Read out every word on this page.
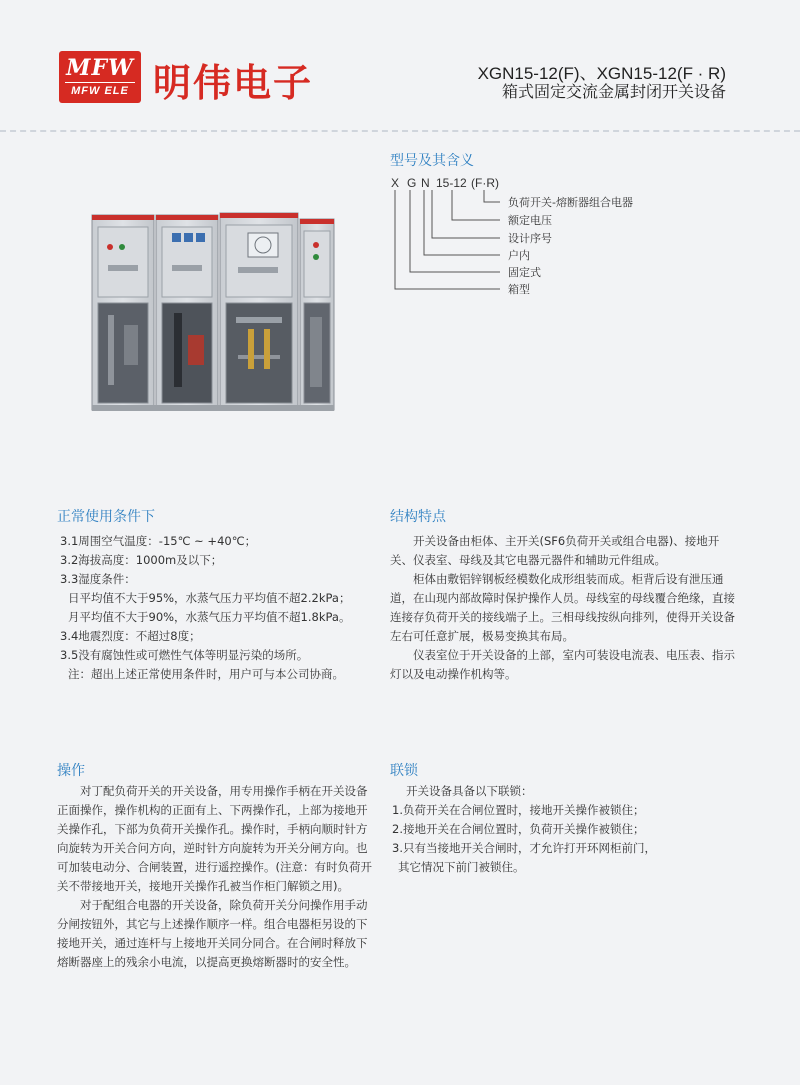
MFW
MFW ELE 明伟电子	XGN15-12(F)、XGN15-12(F · R)
箱式固定交流金属封闭开关设备
型号及其含义
X G N 15-12 (F·R)
负荷开关-熔断器组合电器
额定电压
设计序号
户内
固定式
箱型
正常使用条件下

3.1周围空气温度：-15℃ ~ +40℃；

3.2海拔高度：1000m及以下；

3.3湿度条件：

日平均值不大于95%，水蒸气压力平均值不超2.2kPa；

月平均值不大于90%，水蒸气压力平均值不超1.8kPa。

3.4地震烈度：不超过8度；

3.5没有腐蚀性或可燃性气体等明显污染的场所。

注：超出上述正常使用条件时，用户可与本公司协商。

结构特点

开关设备由柜体、主开关(SF6负荷开关或组合电器)、接地开关、仪表室、母线及其它电器元器件和辅助元件组成。

柜体由敷铝锌钢板经模数化成形组装而成。柜背后设有泄压通道，在山现内部故障时保护操作人员。母线室的母线覆合绝缘，直接连接存负荷开关的接线端子上。三相母线按纵向排列，使得开关设备左右可任意扩展，极易变换其布局。

仪表室位于开关设备的上部，室内可装设电流表、电压表、指示灯以及电动操作机构等。

操作

对丁配负荷开关的开关设备，用专用操作手柄在开关设备正面操作，操作机构的正面有上、下两操作孔，上部为接地开关操作孔，下部为负荷开关操作孔。操作时，手柄向顺时针方向旋转为开关合问方向，逆时针方向旋转为开关分闸方向。也可加装电动分、合闸装置，进行遥控操作。(注意：有时负荷开关不带接地开关，接地开关操作孔被当作柜门解锁之用)。

对于配组合电器的开关设备，除负荷开关分问操作用手动分闸按钮外，其它与上述操作顺序一样。组合电器柜另设的下接地开关，通过连杆与上接地开关同分同合。在合闸时释放下熔断器座上的残余小电流，以提高更换熔断器时的安全性。

联锁

开关设备具备以下联锁：

1.负荷开关在合闸位置时，接地开关操作被锁住；

2.接地开关在合闸位置时，负荷开关操作被锁住；

3.只有当接地开关合闸时，才允许打开环网柜前门，

其它情况下前门被锁住。
